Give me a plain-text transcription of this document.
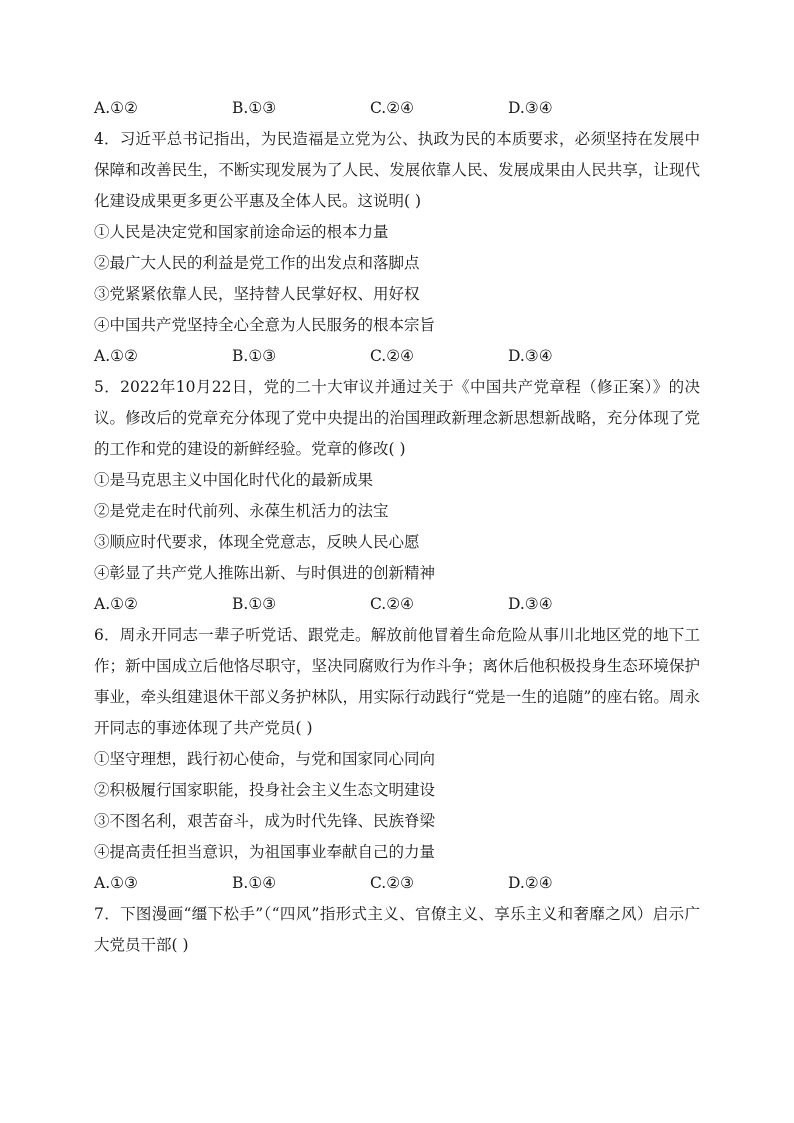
A.①②	B.①③	C.②④	D.③④
4．习近平总书记指出，为民造福是立党为公、执政为民的本质要求，必须坚持在发展中保障和改善民生，不断实现发展为了人民、发展依靠人民、发展成果由人民共享，让现代化建设成果更多更公平惠及全体人民。这说明( )
①人民是决定党和国家前途命运的根本力量
②最广大人民的利益是党工作的出发点和落脚点
③党紧紧依靠人民，坚持替人民掌好权、用好权
④中国共产党坚持全心全意为人民服务的根本宗旨
A.①②	B.①③	C.②④	D.③④
5．2022年10月22日，党的二十大审议并通过关于《中国共产党章程（修正案）》的决议。修改后的党章充分体现了党中央提出的治国理政新理念新思想新战略，充分体现了党的工作和党的建设的新鲜经验。党章的修改( )
①是马克思主义中国化时代化的最新成果
②是党走在时代前列、永葆生机活力的法宝
③顺应时代要求，体现全党意志，反映人民心愿
④彰显了共产党人推陈出新、与时俱进的创新精神
A.①②	B.①③	C.②④	D.③④
6．周永开同志一辈子听党话、跟党走。解放前他冒着生命危险从事川北地区党的地下工作；新中国成立后他恪尽职守，坚决同腐败行为作斗争；离休后他积极投身生态环境保护事业，牵头组建退休干部义务护林队，用实际行动践行“党是一生的追随”的座右铭。周永开同志的事迹体现了共产党员( )
①坚守理想，践行初心使命，与党和国家同心同向
②积极履行国家职能，投身社会主义生态文明建设
③不图名利，艰苦奋斗，成为时代先锋、民族脊梁
④提高责任担当意识，为祖国事业奉献自己的力量
A.①③	B.①④	C.②③	D.②④
7．下图漫画“缰下松手”（“四风”指形式主义、官僚主义、享乐主义和奢靡之风）启示广大党员干部( )
